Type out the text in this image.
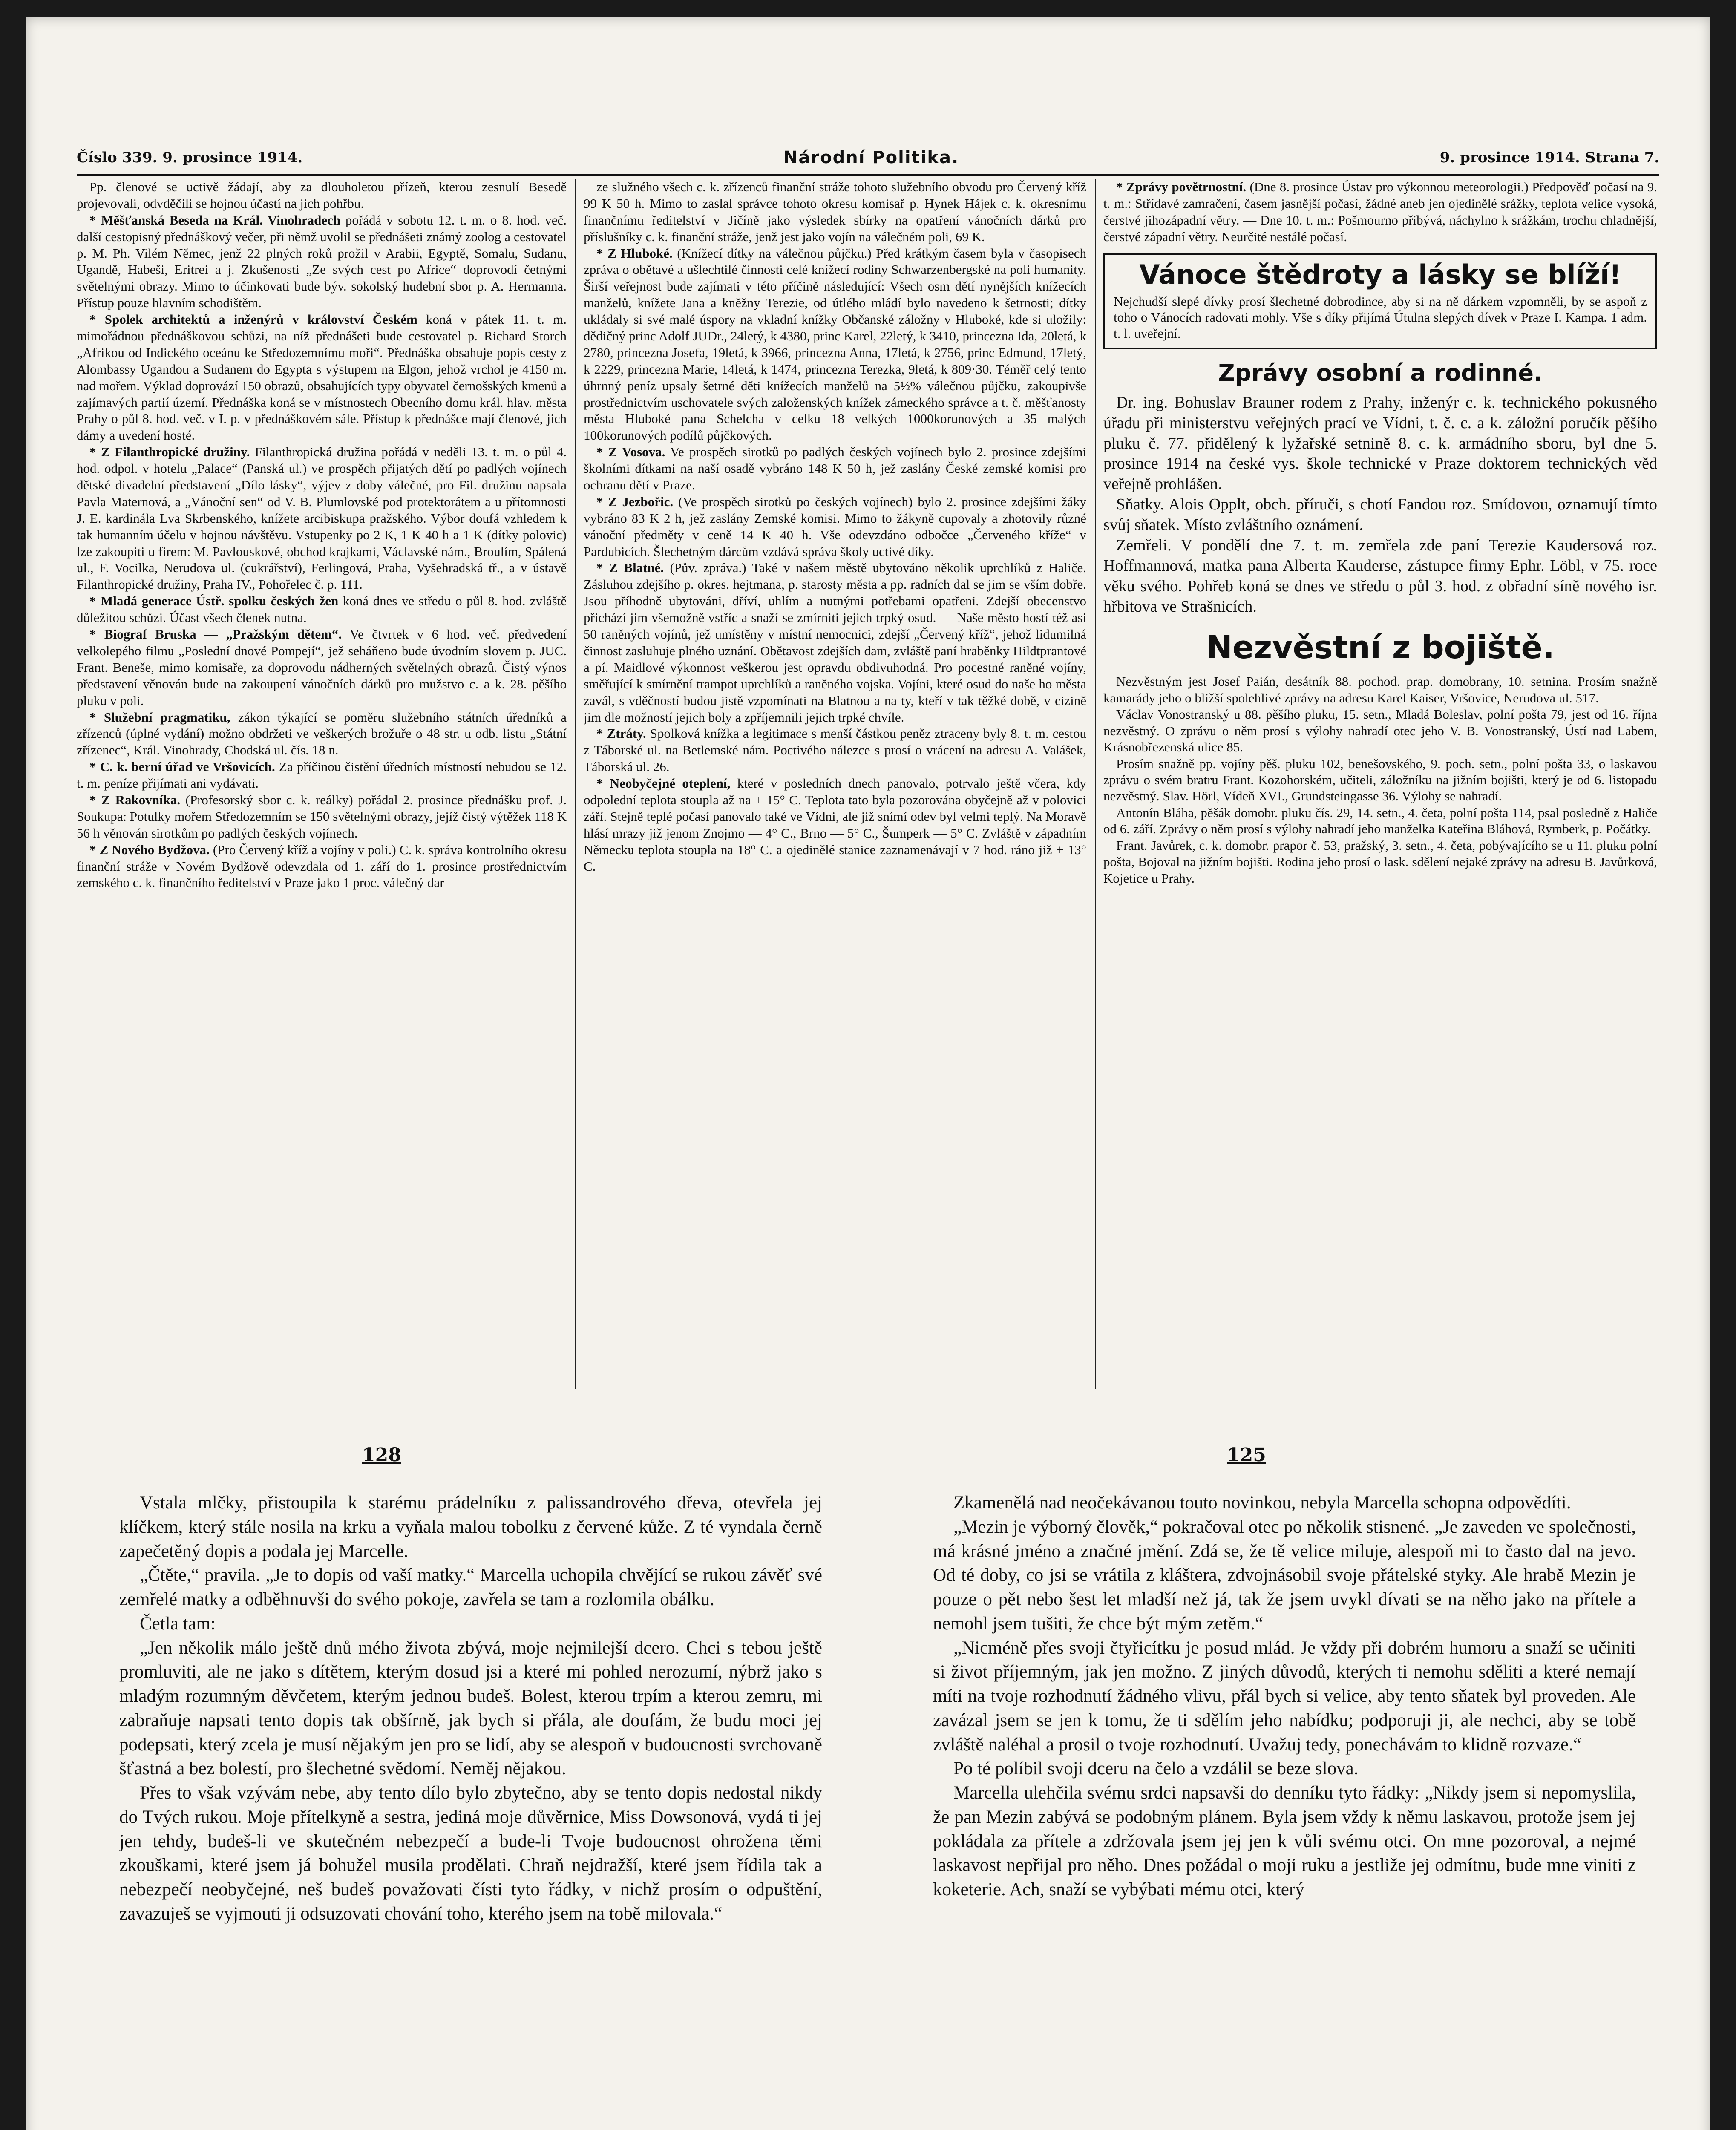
Číslo 339. 9. prosince 1914.	Národní Politika.	9. prosince 1914. Strana 7.

Pp. členové se uctivě žádají, aby za dlouholetou přízeň, kterou zesnulí Besedě projevovali, odvděčili se hojnou účastí na jich pohřbu.

* Měšťanská Beseda na Král. Vinohradech pořádá v sobotu 12. t. m. o 8. hod. več. další cestopisný přednáškový večer, při němž uvolil se přednášeti známý zoolog a cestovatel p. M. Ph. Vilém Němec, jenž 22 plných roků prožil v Arabii, Egyptě, Somalu, Sudanu, Ugandě, Habeši, Eritrei a j. Zkušenosti „Ze svých cest po Africe“ doprovodí četnými světelnými obrazy. Mimo to účinkovati bude býv. sokolský hudební sbor p. A. Hermanna. Přístup pouze hlavním schodištěm.

* Spolek architektů a inženýrů v království Českém koná v pátek 11. t. m. mimořádnou přednáškovou schůzi, na níž přednášeti bude cestovatel p. Richard Storch „Afrikou od Indického oceánu ke Středozemnímu moři“. Přednáška obsahuje popis cesty z Alombassy Ugandou a Sudanem do Egypta s výstupem na Elgon, jehož vrchol je 4150 m. nad mořem. Výklad doprovází 150 obrazů, obsahujících typy obyvatel černošských kmenů a zajímavých partií území. Přednáška koná se v místnostech Obecního domu král. hlav. města Prahy o půl 8. hod. več. v I. p. v přednáškovém sále. Přístup k přednášce mají členové, jich dámy a uvedení hosté.

* Z Filanthropické družiny. Filanthropická družina pořádá v neděli 13. t. m. o půl 4. hod. odpol. v hotelu „Palace“ (Panská ul.) ve prospěch přijatých dětí po padlých vojínech dětské divadelní představení „Dílo lásky“, výjev z doby válečné, pro Fil. družinu napsala Pavla Maternová, a „Vánoční sen“ od V. B. Plumlovské pod protektorátem a u přítomnosti J. E. kardinála Lva Skrbenského, knížete arcibiskupa pražského. Výbor doufá vzhledem k tak humanním účelu v hojnou návštěvu. Vstupenky po 2 K, 1 K 40 h a 1 K (dítky polovic) lze zakoupiti u firem: M. Pavlouskové, obchod krajkami, Václavské nám., Broulím, Spálená ul., F. Vocilka, Nerudova ul. (cukrářství), Ferlingová, Praha, Vyšehradská tř., a v ústavě Filanthropické družiny, Praha IV., Pohořelec č. p. 111.

* Mladá generace Ústř. spolku českých žen koná dnes ve středu o půl 8. hod. zvláště důležitou schůzi. Účast všech členek nutna.

* Biograf Bruska — „Pražským dětem“. Ve čtvrtek v 6 hod. več. předvedení velkolepého filmu „Poslední dnové Pompejí“, jež seháňeno bude úvodním slovem p. JUC. Frant. Beneše, mimo komisaře, za doprovodu nádherných světelných obrazů. Čistý výnos představení věnován bude na zakoupení vánočních dárků pro mužstvo c. a k. 28. pěšího pluku v poli.

* Služební pragmatiku, zákon týkající se poměru služebního státních úředníků a zřízenců (úplné vydání) možno obdržeti ve veškerých brožuře o 48 str. u odb. listu „Státní zřízenec“, Král. Vinohrady, Chodská ul. čís. 18 n.

* C. k. berní úřad ve Vršovicích. Za příčinou čistění úředních místností nebudou se 12. t. m. peníze přijímati ani vydávati.

* Z Rakovníka. (Profesorský sbor c. k. reálky) pořádal 2. prosince přednášku prof. J. Soukupa: Potulky mořem Středozemním se 150 světelnými obrazy, jejíž čistý výtěžek 118 K 56 h věnován sirotkům po padlých českých vojínech.

* Z Nového Bydžova. (Pro Červený kříž a vojíny v poli.) C. k. správa kontrolního okresu finanční stráže v Novém Bydžově odevzdala od 1. září do 1. prosince prostřednictvím zemského c. k. finančního ředitelství v Praze jako 1 proc. válečný dar

ze služného všech c. k. zřízenců finanční stráže tohoto služebního obvodu pro Červený kříž 99 K 50 h. Mimo to zaslal správce tohoto okresu komisař p. Hynek Hájek c. k. okresnímu finančnímu ředitelství v Jičíně jako výsledek sbírky na opatření vánočních dárků pro příslušníky c. k. finanční stráže, jenž jest jako vojín na válečném poli, 69 K.

* Z Hluboké. (Knížecí dítky na válečnou půjčku.) Před krátkým časem byla v časopisech zpráva o obětavé a ušlechtilé činnosti celé knížecí rodiny Schwarzenbergské na poli humanity. Širší veřejnost bude zajímati v této příčině následující: Všech osm dětí nynějších knížecích manželů, knížete Jana a kněžny Terezie, od útlého mládí bylo navedeno k šetrnosti; dítky ukládaly si své malé úspory na vkladní knížky Občanské záložny v Hluboké, kde si uložily: dědičný princ Adolf JUDr., 24letý, k 4380, princ Karel, 22letý, k 3410, princezna Ida, 20letá, k 2780, princezna Josefa, 19letá, k 3966, princezna Anna, 17letá, k 2756, princ Edmund, 17letý, k 2229, princezna Marie, 14letá, k 1474, princezna Terezka, 9letá, k 809·30. Téměř celý tento úhrnný peníz upsaly šetrné děti knížecích manželů na 5½% válečnou půjčku, zakoupivše prostřednictvím uschovatele svých založenských knížek zámeckého správce a t. č. měšťanosty města Hluboké pana Schelcha v celku 18 velkých 1000korunových a 35 malých 100korunových podílů půjčkových.

* Z Vosova. Ve prospěch sirotků po padlých českých vojínech bylo 2. prosince zdejšími školními dítkami na naší osadě vybráno 148 K 50 h, jež zaslány České zemské komisi pro ochranu dětí v Praze.

* Z Jezbořic. (Ve prospěch sirotků po českých vojínech) bylo 2. prosince zdejšími žáky vybráno 83 K 2 h, jež zaslány Zemské komisi. Mimo to žákyně cupovaly a zhotovily různé vánoční předměty v ceně 14 K 40 h. Vše odevzdáno odbočce „Červeného kříže“ v Pardubicích. Šlechetným dárcům vzdává správa školy uctivé díky.

* Z Blatné. (Pův. zpráva.) Také v našem městě ubytováno několik uprchlíků z Haliče. Zásluhou zdejšího p. okres. hejtmana, p. starosty města a pp. radních dal se jim se vším dobře. Jsou příhodně ubytováni, dříví, uhlím a nutnými potřebami opatřeni. Zdejší obecenstvo přichází jim všemožně vstříc a snaží se zmírniti jejich trpký osud. — Naše město hostí též asi 50 raněných vojínů, jež umístěny v místní nemocnici, zdejší „Červený kříž“, jehož lidumilná činnost zasluhuje plného uznání. Obětavost zdejších dam, zvláště paní hraběnky Hildtprantové a pí. Maidlové výkonnost veškerou jest opravdu obdivuhodná. Pro pocestné raněné vojíny, směřující k smírnění trampot uprchlíků a raněného vojska. Vojíni, které osud do naše ho města zavál, s vděčností budou jistě vzpomínati na Blatnou a na ty, kteří v tak těžké době, v cizině jim dle možností jejich boly a zpříjemnili jejich trpké chvíle.

* Ztráty. Spolková knížka a legitimace s menší částkou peněz ztraceny byly 8. t. m. cestou z Táborské ul. na Betlemské nám. Poctivého nálezce s prosí o vrácení na adresu A. Valášek, Táborská ul. 26.

* Neobyčejné oteplení, které v posledních dnech panovalo, potrvalo ještě včera, kdy odpolední teplota stoupla až na + 15° C. Teplota tato byla pozorována obyčejně až v polovici září. Stejně teplé počasí panovalo také ve Vídni, ale již snímí odev byl velmi teplý. Na Moravě hlásí mrazy již jenom Znojmo — 4° C., Brno — 5° C., Šumperk — 5° C. Zvláště v západním Německu teplota stoupla na 18° C. a ojedinělé stanice zaznamenávají v 7 hod. ráno již + 13° C.

* Zprávy povětrnostní. (Dne 8. prosince Ústav pro výkonnou meteorologii.) Předpověď počasí na 9. t. m.: Střídavé zamračení, časem jasnější počasí, žádné aneb jen ojedinělé srážky, teplota velice vysoká, čerstvé jihozápadní větry. — Dne 10. t. m.: Pošmourno přibývá, náchylno k srážkám, trochu chladnější, čerstvé západní větry. Neurčité nestálé počasí.

Vánoce štědroty a lásky se blíží!
Nejchudší slepé dívky prosí šlechetné dobrodince, aby si na ně dárkem vzpomněli, by se aspoň z toho o Vánocích radovati mohly. Vše s díky přijímá Útulna slepých dívek v Praze I. Kampa. 1 adm. t. l. uveřejní.
Zprávy osobní a rodinné.

Dr. ing. Bohuslav Brauner rodem z Prahy, inženýr c. k. technického pokusného úřadu při ministerstvu veřejných prací ve Vídni, t. č. c. a k. záložní poručík pěšího pluku č. 77. přidělený k lyžařské setnině 8. c. k. armádního sboru, byl dne 5. prosince 1914 na české vys. škole technické v Praze doktorem technických věd veřejně prohlášen.

Sňatky. Alois Opplt, obch. příruči, s chotí Fandou roz. Smídovou, oznamují tímto svůj sňatek. Místo zvláštního oznámení.

Zemřeli. V pondělí dne 7. t. m. zemřela zde paní Terezie Kaudersová roz. Hoffmannová, matka pana Alberta Kauderse, zástupce firmy Ephr. Löbl, v 75. roce věku svého. Pohřeb koná se dnes ve středu o půl 3. hod. z obřadní síně nového isr. hřbitova ve Strašnicích.

Nezvěstní z bojiště.

Nezvěstným jest Josef Paián, desátník 88. pochod. prap. domobrany, 10. setnina. Prosím snažně kamarády jeho o bližší spolehlivé zprávy na adresu Karel Kaiser, Vršovice, Nerudova ul. 517.

Václav Vonostranský u 88. pěšího pluku, 15. setn., Mladá Boleslav, polní pošta 79, jest od 16. října nezvěstný. O zprávu o něm prosí s výlohy nahradí otec jeho V. B. Vonostranský, Ústí nad Labem, Krásnobřezenská ulice 85.

Prosím snažně pp. vojíny pěš. pluku 102, benešovského, 9. poch. setn., polní pošta 33, o laskavou zprávu o svém bratru Frant. Kozohorském, učiteli, záložníku na jižním bojišti, který je od 6. listopadu nezvěstný. Slav. Hörl, Vídeň XVI., Grundsteingasse 36. Výlohy se nahradí.

Antonín Bláha, pěšák domobr. pluku čís. 29, 14. setn., 4. četa, polní pošta 114, psal posledně z Haliče od 6. září. Zprávy o něm prosí s výlohy nahradí jeho manželka Kateřina Bláhová, Rymberk, p. Počátky.

Frant. Javůrek, c. k. domobr. prapor č. 53, pražský, 3. setn., 4. četa, pobývajícího se u 11. pluku polní pošta, Bojoval na jižním bojišti. Rodina jeho prosí o lask. sdělení nejaké zprávy na adresu B. Javůrková, Kojetice u Prahy.

128	125

Vstala mlčky, přistoupila k starému prádelníku z palissandrového dřeva, otevřela jej klíčkem, který stále nosila na krku a vyňala malou tobolku z červené kůže. Z té vyndala černě zapečetěný dopis a podala jej Marcelle.

„Čtěte,“ pravila. „Je to dopis od vaší matky.“ Marcella uchopila chvějící se rukou závěť své zemřelé matky a odběhnuvši do svého pokoje, zavřela se tam a rozlomila obálku.

Četla tam:

„Jen několik málo ještě dnů mého života zbývá, moje nejmilejší dcero. Chci s tebou ještě promluviti, ale ne jako s dítětem, kterým dosud jsi a které mi pohled nerozumí, nýbrž jako s mladým rozumným děvčetem, kterým jednou budeš. Bolest, kterou trpím a kterou zemru, mi zabraňuje napsati tento dopis tak obšírně, jak bych si přála, ale doufám, že budu moci jej podepsati, který zcela je musí nějakým jen pro se lidí, aby se alespoň v budoucnosti svrchovaně šťastná a bez bolestí, pro šlechetné svědomí. Neměj nějakou.

Přes to však vzývám nebe, aby tento dílo bylo zbytečno, aby se tento dopis nedostal nikdy do Tvých rukou. Moje přítelkyně a sestra, jediná moje důvěrnice, Miss Dowsonová, vydá ti jej jen tehdy, budeš-li ve skutečném nebezpečí a bude-li Tvoje budoucnost ohrožena těmi zkouškami, které jsem já bohužel musila prodělati. Chraň nejdražší, které jsem řídila tak a nebezpečí neobyčejné, neš budeš považovati čísti tyto řádky, v nichž prosím o odpuštění, zavazuješ se vyjmouti ji odsuzovati chování toho, kterého jsem na tobě milovala.“

Zkamenělá nad neočekávanou touto novinkou, nebyla Marcella schopna odpovědíti.

„Mezin je výborný člověk,“ pokračoval otec po několik stisnené. „Je zaveden ve společnosti, má krásné jméno a značné jmění. Zdá se, že tě velice miluje, alespoň mi to často dal na jevo. Od té doby, co jsi se vrátila z kláštera, zdvojnásobil svoje přátelské styky. Ale hrabě Mezin je pouze o pět nebo šest let mladší než já, tak že jsem uvykl dívati se na něho jako na přítele a nemohl jsem tušiti, že chce být mým zetěm.“

„Nicméně přes svoji čtyřicítku je posud mlád. Je vždy při dobrém humoru a snaží se učiniti si život příjemným, jak jen možno. Z jiných důvodů, kterých ti nemohu sděliti a které nemají míti na tvoje rozhodnutí žádného vlivu, přál bych si velice, aby tento sňatek byl proveden. Ale zavázal jsem se jen k tomu, že ti sdělím jeho nabídku; podporuji ji, ale nechci, aby se tobě zvláště naléhal a prosil o tvoje rozhodnutí. Uvažuj tedy, ponechávám to klidně rozvaze.“

Po té políbil svoji dceru na čelo a vzdálil se beze slova.

Marcella ulehčila svému srdci napsavši do denníku tyto řádky: „Nikdy jsem si nepomyslila, že pan Mezin zabývá se podobným plánem. Byla jsem vždy k němu laskavou, protože jsem jej pokládala za přítele a zdržovala jsem jej jen k vůli svému otci. On mne pozoroval, a nejmé laskavost nepřijal pro něho. Dnes požádal o moji ruku a jestliže jej odmítnu, bude mne viniti z koketerie. Ach, snaží se vybýbati mému otci, který
